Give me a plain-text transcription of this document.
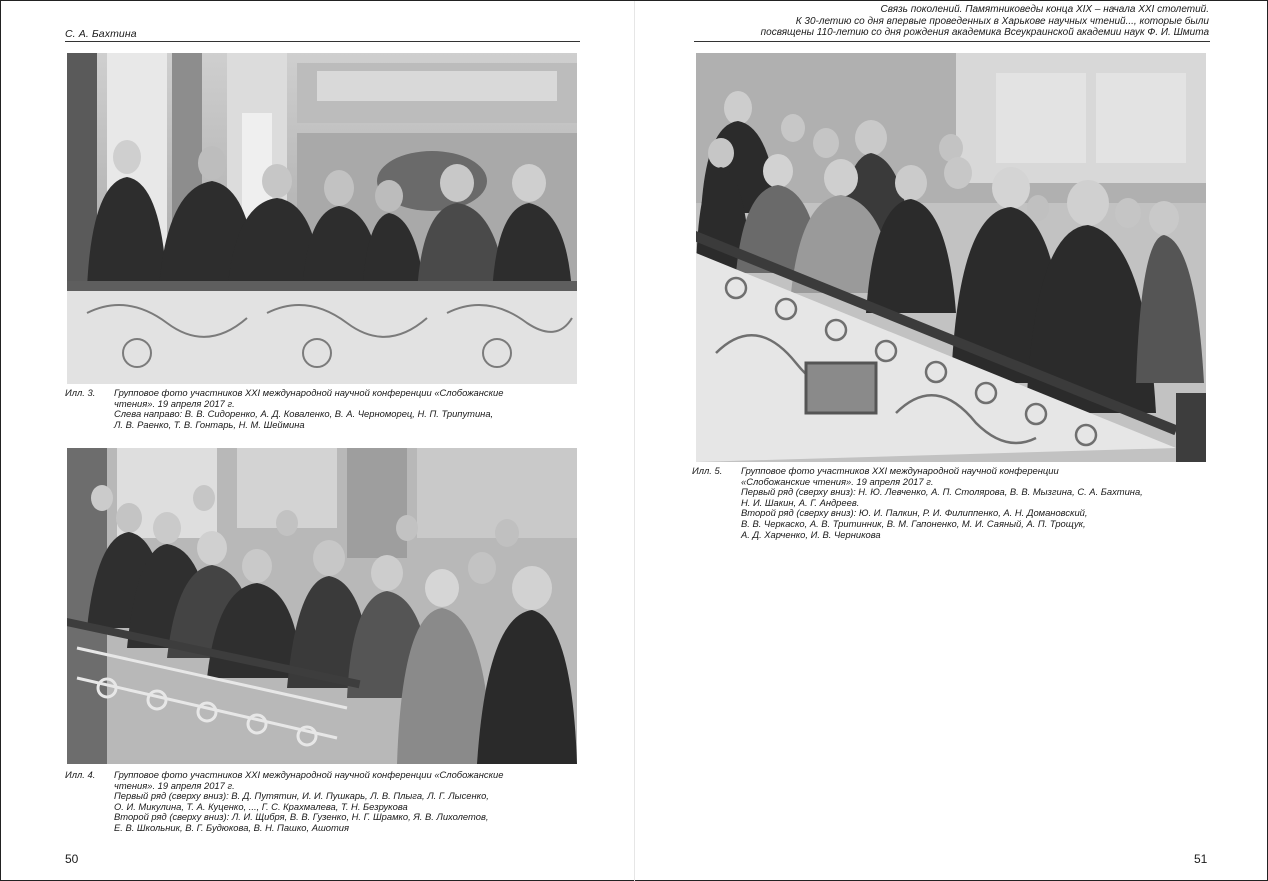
С. А. Бахтина
Илл. 3.	Групповое фото участников XXI международной научной конференции «Слобожанские
чтения». 19 апреля 2017 г.
Слева направо: В. В. Сидоренко, А. Д. Коваленко, В. А. Черноморец, Н. П. Трипутина,
Л. В. Раенко, Т. В. Гонтарь, Н. М. Шеймина
Илл. 4.	Групповое фото участников XXI международной научной конференции «Слобожанские
чтения». 19 апреля 2017 г.
Первый ряд (сверху вниз): В. Д. Путятин, И. И. Пушкарь, Л. В. Плыга, Л. Г. Лысенко,
О. И. Микулина, Т. А. Куценко, ..., Г. С. Крахмалева, Т. Н. Безрукова
Второй ряд (сверху вниз): Л. И. Щибря, В. В. Гузенко, Н. Г. Шрамко, Я. В. Лихолетов,
Е. В. Школьник, В. Г. Будюкова, В. Н. Пашко, Ашотия
50
Связь поколений. Памятниковеды конца XIX – начала XXI столетий.
К 30-летию со дня впервые проведенных в Харькове научных чтений..., которые были
посвящены 110-летию со дня рождения академика Всеукраинской академии наук Ф. И. Шмита
Илл. 5.	Групповое фото участников XXI международной научной конференции
«Слобожанские чтения». 19 апреля 2017 г.
Первый ряд (сверху вниз): Н. Ю. Левченко, А. П. Столярова, В. В. Мызгина, С. А. Бахтина,
Н. И. Шакин, А. Г. Андреев.
Второй ряд (сверху вниз): Ю. И. Палкин, Р. И. Филиппенко, А. Н. Домановский,
В. В. Черкаско, А. В. Тритинник, В. М. Гапоненко, М. И. Саяный, А. П. Трощук,
А. Д. Харченко, И. В. Черникова
51
